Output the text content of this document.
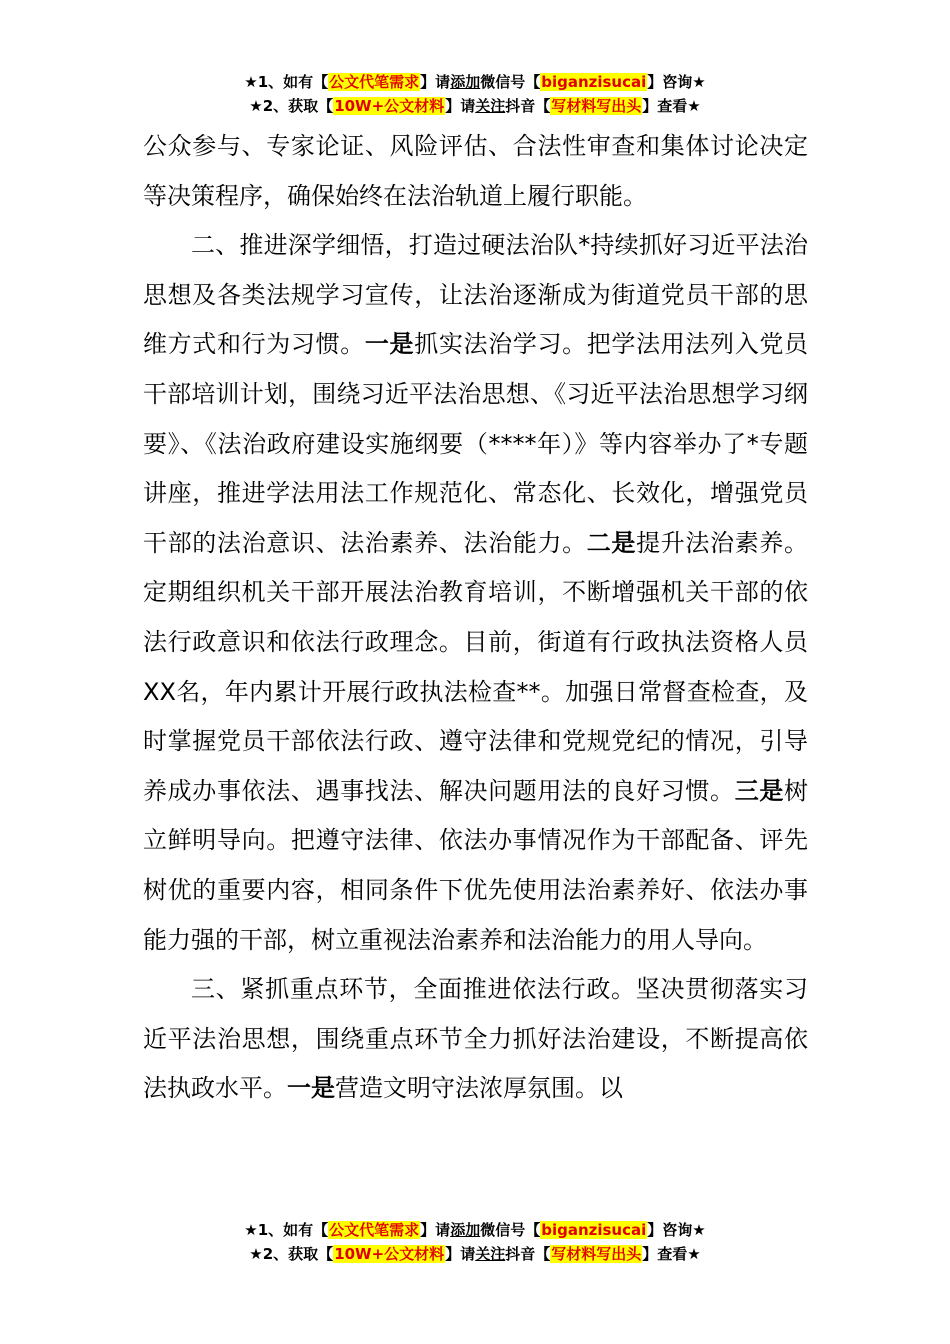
★1、如有【公文代笔需求】请添加微信号【biganzisucai】咨询★
★2、获取【10W+公文材料】请关注抖音【写材料写出头】查看★

公众参与、专家论证、风险评估、合法性审查和集体讨论决定等决策程序，确保始终在法治轨道上履行职能。

二、推进深学细悟，打造过硬法治队*持续抓好习近平法治思想及各类法规学习宣传，让法治逐渐成为街道党员干部的思维方式和行为习惯。一是抓实法治学习。把学法用法列入党员干部培训计划，围绕习近平法治思想、《习近平法治思想学习纲要》、《法治政府建设实施纲要（****年）》等内容举办了*专题讲座，推进学法用法工作规范化、常态化、长效化，增强党员干部的法治意识、法治素养、法治能力。二是提升法治素养。定期组织机关干部开展法治教育培训，不断增强机关干部的依法行政意识和依法行政理念。目前，街道有行政执法资格人员XX名，年内累计开展行政执法检查**。加强日常督查检查，及时掌握党员干部依法行政、遵守法律和党规党纪的情况，引导养成办事依法、遇事找法、解决问题用法的良好习惯。三是树立鲜明导向。把遵守法律、依法办事情况作为干部配备、评先树优的重要内容，相同条件下优先使用法治素养好、依法办事能力强的干部，树立重视法治素养和法治能力的用人导向。

三、紧抓重点环节，全面推进依法行政。坚决贯彻落实习近平法治思想，围绕重点环节全力抓好法治建设，不断提高依法执政水平。一是营造文明守法浓厚氛围。以

★1、如有【公文代笔需求】请添加微信号【biganzisucai】咨询★
★2、获取【10W+公文材料】请关注抖音【写材料写出头】查看★
